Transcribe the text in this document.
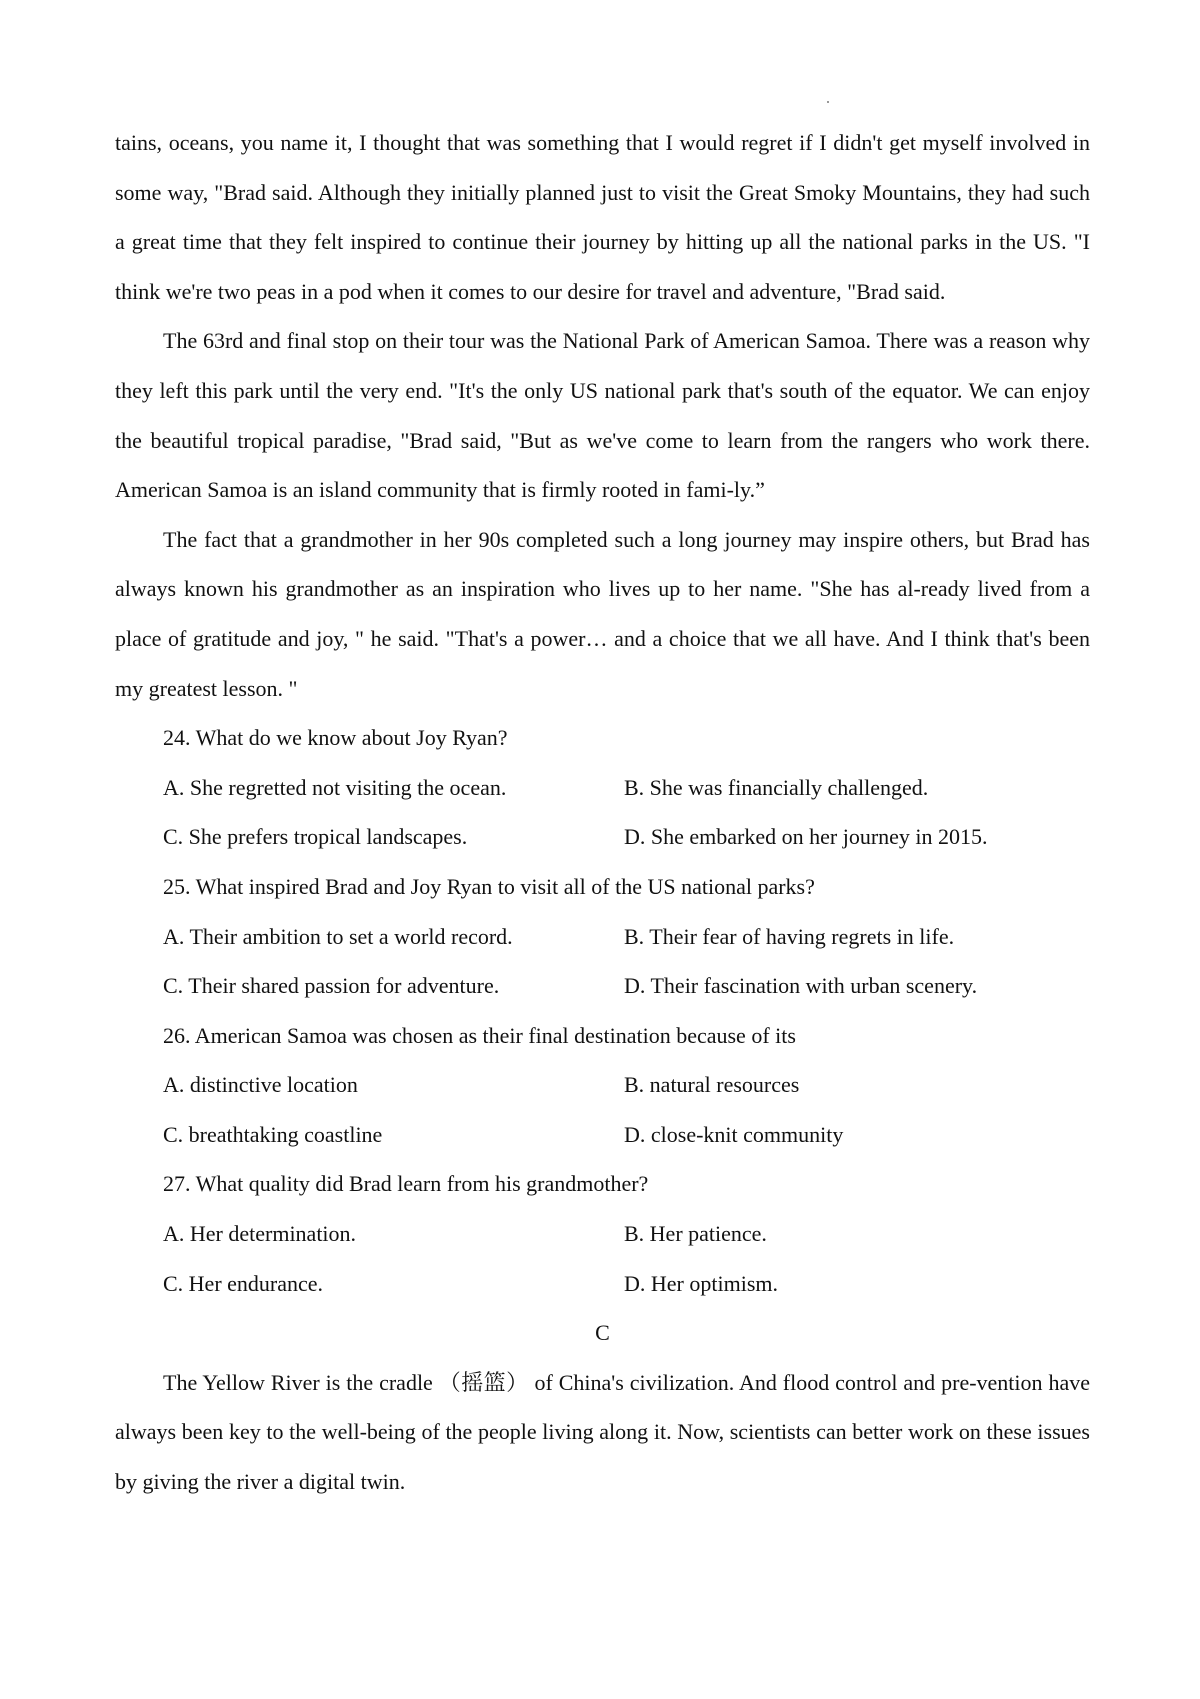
tains, oceans, you name it, I thought that was something that I would regret if I didn't get myself involved in some way, "Brad said. Although they initially planned just to visit the Great Smoky Mountains, they had such a great time that they felt inspired to continue their journey by hitting up all the national parks in the US. "I think we're two peas in a pod when it comes to our desire for travel and adventure, "Brad said.

The 63rd and final stop on their tour was the National Park of American Samoa. There was a reason why they left this park until the very end. "It's the only US national park that's south of the equator. We can enjoy the beautiful tropical paradise, "Brad said, "But as we've come to learn from the rangers who work there. American Samoa is an island community that is firmly rooted in fami-ly.”

The fact that a grandmother in her 90s completed such a long journey may inspire others, but Brad has always known his grandmother as an inspiration who lives up to her name. "She has al-ready lived from a place of gratitude and joy, " he said. "That's a power… and a choice that we all have. And I think that's been my greatest lesson. "

24. What do we know about Joy Ryan?

A. She regretted not visiting the ocean.	B. She was financially challenged.
C. She prefers tropical landscapes.	D. She embarked on her journey in 2015.

25. What inspired Brad and Joy Ryan to visit all of the US national parks?

A. Their ambition to set a world record.	B. Their fear of having regrets in life.
C. Their shared passion for adventure.	D. Their fascination with urban scenery.

26. American Samoa was chosen as their final destination because of its

A. distinctive location	B. natural resources
C. breathtaking coastline	D. close-knit community

27. What quality did Brad learn from his grandmother?

A. Her determination.	B. Her patience.
C. Her endurance.	D. Her optimism.

C

The Yellow River is the cradle （摇篮） of China's civilization. And flood control and pre-vention have always been key to the well-being of the people living along it. Now, scientists can better work on these issues by giving the river a digital twin.
